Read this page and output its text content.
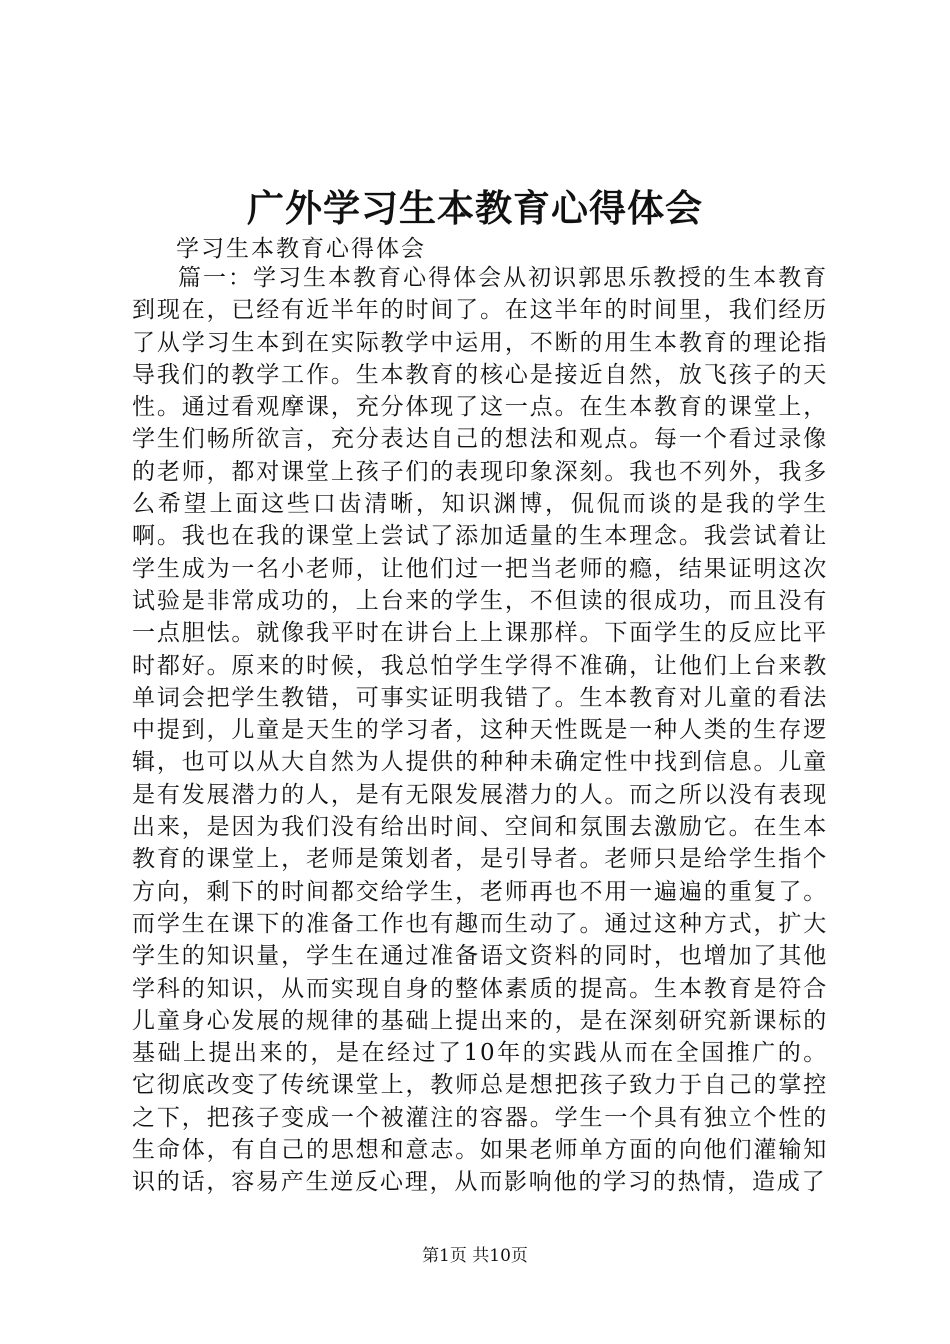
广外学习生本教育心得体会
学习生本教育心得体会

篇一：学习生本教育心得体会从初识郭思乐教授的生本教育到现在，已经有近半年的时间了。在这半年的时间里，我们经历了从学习生本到在实际教学中运用，不断的用生本教育的理论指导我们的教学工作。生本教育的核心是接近自然，放飞孩子的天性。通过看观摩课，充分体现了这一点。在生本教育的课堂上，学生们畅所欲言，充分表达自己的想法和观点。每一个看过录像的老师，都对课堂上孩子们的表现印象深刻。我也不列外，我多么希望上面这些口齿清晰，知识渊博，侃侃而谈的是我的学生啊。我也在我的课堂上尝试了添加适量的生本理念。我尝试着让学生成为一名小老师，让他们过一把当老师的瘾，结果证明这次试验是非常成功的，上台来的学生，不但读的很成功，而且没有一点胆怯。就像我平时在讲台上上课那样。下面学生的反应比平时都好。原来的时候，我总怕学生学得不准确，让他们上台来教单词会把学生教错，可事实证明我错了。生本教育对儿童的看法中提到，儿童是天生的学习者，这种天性既是一种人类的生存逻辑，也可以从大自然为人提供的种种未确定性中找到信息。儿童是有发展潜力的人，是有无限发展潜力的人。而之所以没有表现出来，是因为我们没有给出时间、空间和氛围去激励它。在生本教育的课堂上，老师是策划者，是引导者。老师只是给学生指个方向，剩下的时间都交给学生，老师再也不用一遍遍的重复了。而学生在课下的准备工作也有趣而生动了。通过这种方式，扩大学生的知识量，学生在通过准备语文资料的同时，也增加了其他学科的知识，从而实现自身的整体素质的提高。生本教育是符合儿童身心发展的规律的基础上提出来的，是在深刻研究新课标的基础上提出来的，是在经过了10年的实践从而在全国推广的。它彻底改变了传统课堂上，教师总是想把孩子致力于自己的掌控之下，把孩子变成一个被灌注的容器。学生一个具有独立个性的生命体，有自己的思想和意志。如果老师单方面的向他们灌输知识的话，容易产生逆反心理，从而影响他的学习的热情，造成了

第1页 共10页
